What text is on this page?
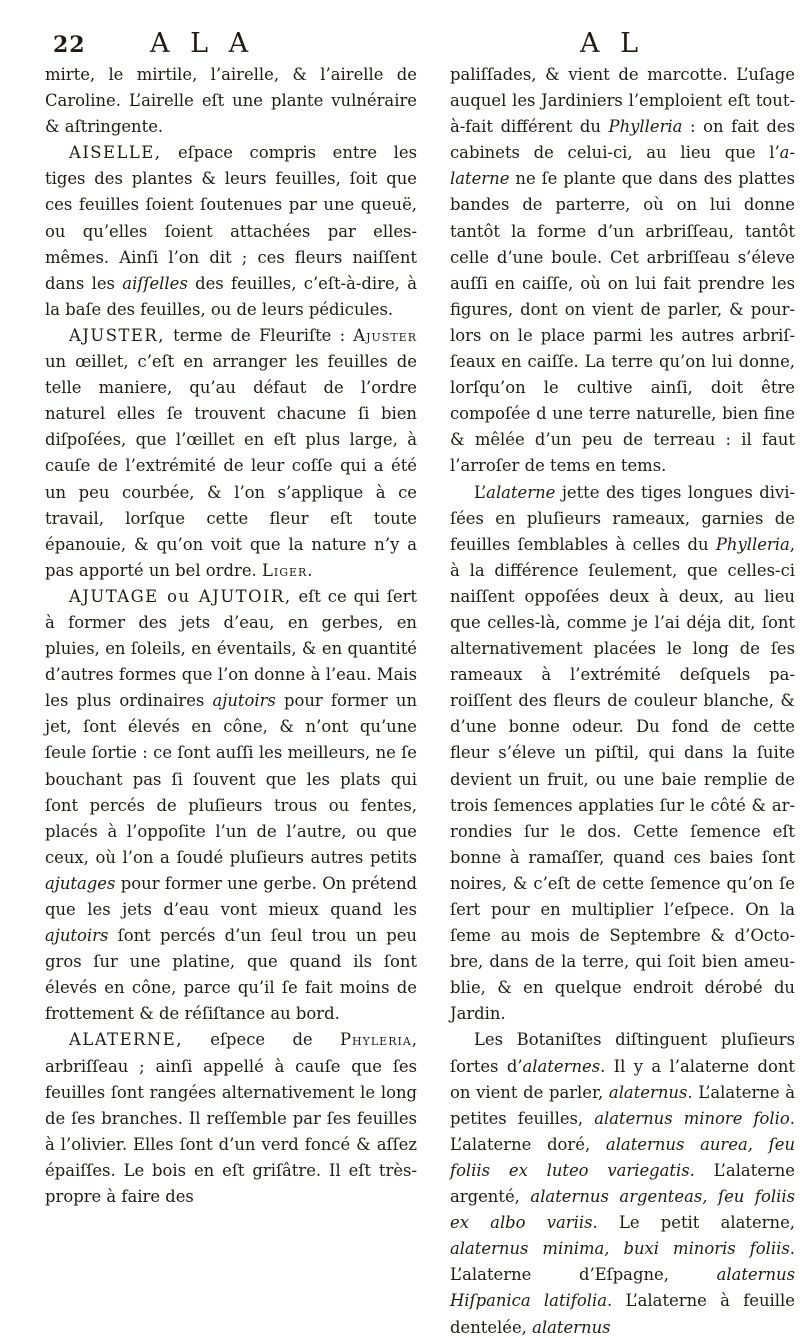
22 A L A	A L

mirte, le mirtile, l’airelle, & l’airelle de Caroline. L’airelle eſt une plante vulnéraire & aſtringente.

AISELLE, eſpace compris entre les tiges des plantes & leurs feuilles, ſoit que ces feuilles ſoient ſoutenues par une queuë, ou qu’elles ſoient attachées par elles-mêmes. Ainſi l’on dit ; ces fleurs naiſſent dans les aiſſelles des feuilles, c’eſt-à-dire, à la baſe des feuilles, ou de leurs pédicules.

AJUSTER, terme de Fleuriſte : Ajuster un œillet, c’eſt en arranger les feuilles de telle maniere, qu’au défaut de l’ordre naturel elles ſe trouvent chacune ſi bien diſpoſées, que l’œillet en eſt plus large, à cauſe de l’extrémité de leur coſſe qui a été un peu courbée, & l’on s’applique à ce travail, lorſque cette fleur eſt toute épanouie, & qu’on voit que la nature n’y a pas apporté un bel ordre. Liger.

AJUTAGE ou AJUTOIR, eſt ce qui ſert à former des jets d’eau, en gerbes, en pluies, en ſoleils, en éventails, & en quantité d’autres formes que l’on donne à l’eau. Mais les plus ordinaires ajutoirs pour former un jet, ſont élevés en cône, & n’ont qu’une ſeule ſortie : ce ſont auſſi les meilleurs, ne ſe bouchant pas ſi ſouvent que les plats qui ſont percés de pluſieurs trous ou fentes, placés à l’oppoſite l’un de l’autre, ou que ceux, où l’on a ſoudé pluſieurs autres petits ajutages pour former une gerbe. On prétend que les jets d’eau vont mieux quand les ajutoirs ſont percés d’un ſeul trou un peu gros ſur une platine, que quand ils ſont élevés en cône, parce qu’il ſe fait moins de frottement & de réſiſtance au bord.

ALATERNE, eſpece de Phyleria, arbriſſeau ; ainſi appellé à cauſe que ſes feuilles ſont rangées alternativement le long de ſes branches. Il reſſemble par ſes feuilles à l’olivier. Elles ſont d’un verd foncé & aſſez épaiſſes. Le bois en eſt griſâtre. Il eſt très-propre à faire des

paliſſades, & vient de marcotte. L’uſage auquel les Jardiniers l’emploient eſt tout-à-fait différent du Phylleria : on fait des cabinets de celui-ci, au lieu que l’alaterne ne ſe plante que dans des plattes bandes de parterre, où on lui donne tantôt la forme d’un arbriſſeau, tantôt celle d’une boule. Cet arbriſſeau s’éleve auſſi en caiſſe, où on lui fait prendre les figures, dont on vient de parler, & pourlors on le place parmi les autres arbriſſeaux en caiſſe. La terre qu’on lui donne, lorſqu’on le cultive ainſi, doit être compoſée d une terre naturelle, bien fine & mêlée d’un peu de terreau : il faut l’arroſer de tems en tems.

L’alaterne jette des tiges longues diviſées en pluſieurs rameaux, garnies de feuilles ſemblables à celles du Phylleria, à la différence ſeulement, que celles-ci naiſſent oppoſées deux à deux, au lieu que celles-là, comme je l’ai déja dit, ſont alternativement placées le long de ſes rameaux à l’extrémité deſquels paroiſſent des fleurs de couleur blanche, & d’une bonne odeur. Du fond de cette fleur s’éleve un piſtil, qui dans la ſuite devient un fruit, ou une baie remplie de trois ſemences applaties ſur le côté & arrondies ſur le dos. Cette ſemence eſt bonne à ramaſſer, quand ces baies ſont noires, & c’eſt de cette ſemence qu’on ſe ſert pour en multiplier l’eſpece. On la ſeme au mois de Septembre & d’Octobre, dans de la terre, qui ſoit bien ameublie, & en quelque endroit dérobé du Jardin.

Les Botaniſtes diſtinguent pluſieurs ſortes d’alaternes. Il y a l’alaterne dont on vient de parler, alaternus. L’alaterne à petites feuilles, alaternus minore folio. L’alaterne doré, alaternus aurea, ſeu foliis ex luteo variegatis. L’alaterne argenté, alaternus argenteas, ſeu foliis ex albo variis. Le petit alaterne, alaternus minima, buxi minoris foliis. L’alaterne d’Eſpagne, alaternus Hiſpanica latifolia. L’alaterne à feuille dentelée, alaternus
